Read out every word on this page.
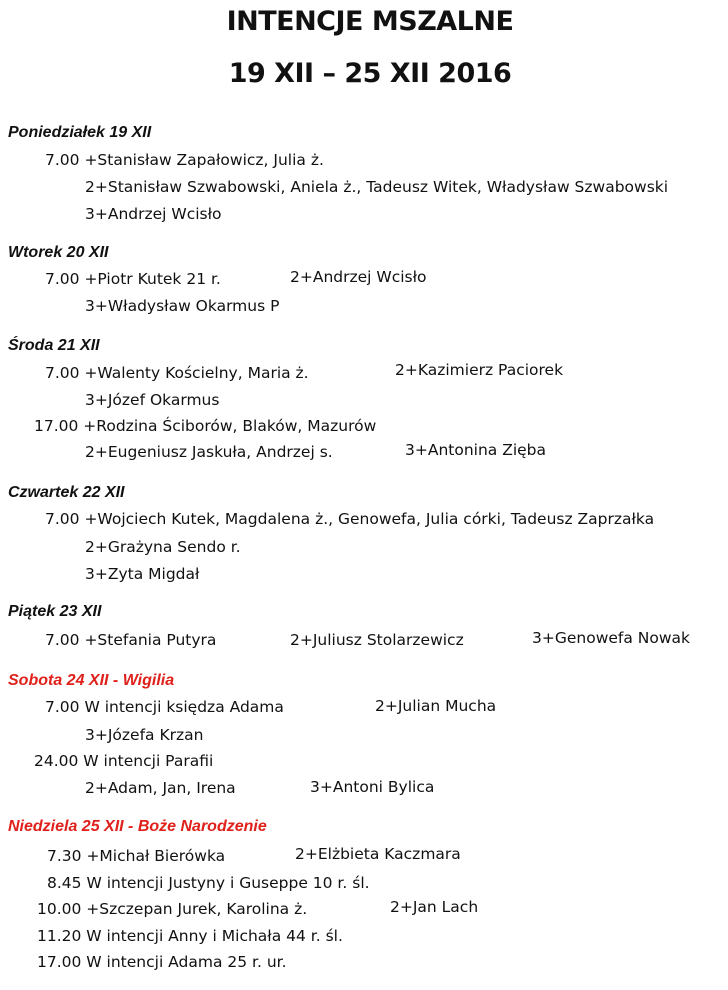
INTENCJE MSZALNE
19 XII – 25 XII 2016
Poniedziałek 19 XII
7.00 +Stanisław Zapałowicz, Julia ż.
2+Stanisław Szwabowski, Aniela ż., Tadeusz Witek, Władysław Szwabowski
3+Andrzej Wcisło
Wtorek 20 XII
7.00 +Piotr Kutek 21 r.	2+Andrzej Wcisło
3+Władysław Okarmus P
Środa 21 XII
7.00 +Walenty Kościelny, Maria ż.	2+Kazimierz Paciorek
3+Józef Okarmus
17.00 +Rodzina Ściborów, Blaków, Mazurów
2+Eugeniusz Jaskuła, Andrzej s.	3+Antonina Zięba
Czwartek 22 XII
7.00 +Wojciech Kutek, Magdalena ż., Genowefa, Julia córki, Tadeusz Zaprzałka
2+Grażyna Sendo r.
3+Zyta Migdał
Piątek 23 XII
7.00 +Stefania Putyra	2+Juliusz Stolarzewicz	3+Genowefa Nowak
Sobota 24 XII - Wigilia
7.00 W intencji księdza Adama	2+Julian Mucha
3+Józefa Krzan
24.00 W intencji Parafii
2+Adam, Jan, Irena	3+Antoni Bylica
Niedziela 25 XII - Boże Narodzenie
7.30 +Michał Bierówka	2+Elżbieta Kaczmara
8.45 W intencji Justyny i Guseppe 10 r. śl.
10.00 +Szczepan Jurek, Karolina ż.	2+Jan Lach
11.20 W intencji Anny i Michała 44 r. śl.
17.00 W intencji Adama 25 r. ur.
